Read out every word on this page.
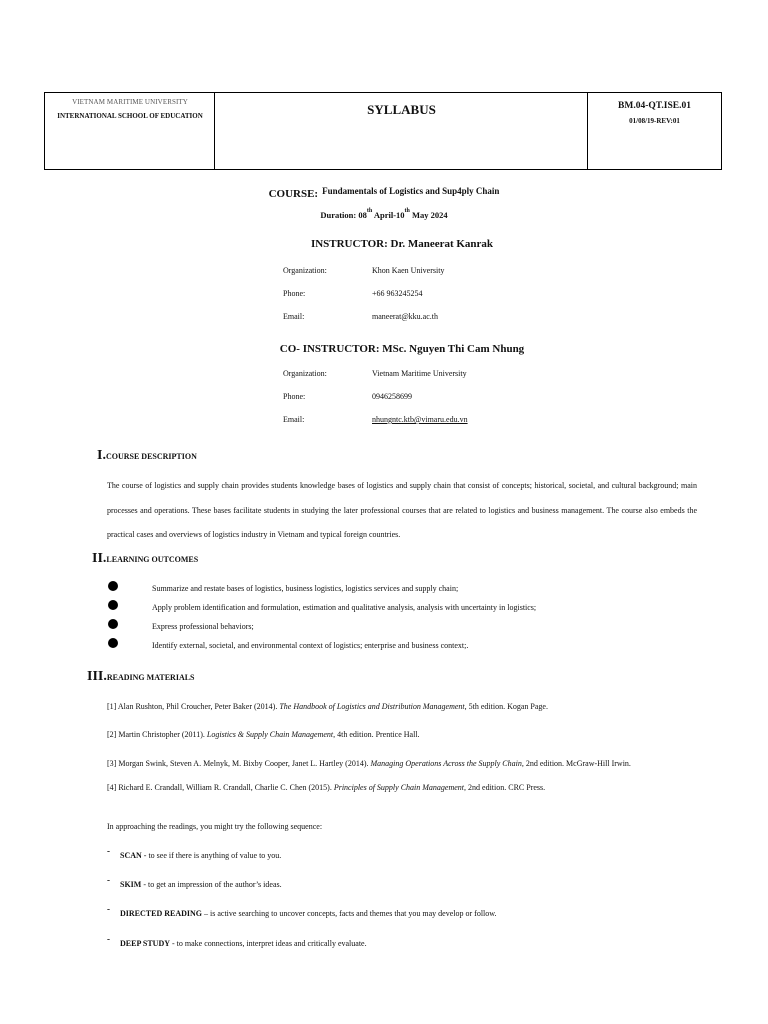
VIETNAM MARITIME UNIVERSITY
INTERNATIONAL SCHOOL OF EDUCATION	SYLLABUS	BM.04-QT.ISE.01
01/08/19-REV:01
COURSE: Fundamentals of Logistics and Sup4ply Chain
Duration: 08th April-10th May 2024
INSTRUCTOR: Dr. Maneerat Kanrak
Organization:	Khon Kaen University
Phone:	+66 963245254
Email:	maneerat@kku.ac.th
CO- INSTRUCTOR: MSc. Nguyen Thi Cam Nhung
Organization:	Vietnam Maritime University
Phone:	0946258699
Email:	nhungntc.ktb@vimaru.edu.vn
I.COURSE DESCRIPTION
The course of logistics and supply chain provides students knowledge bases of logistics and supply chain that consist of concepts; historical, societal, and cultural background; main
processes and operations. These bases facilitate students in studying the later professional courses that are related to logistics and business management. The course also embeds the
practical cases and overviews of logistics industry in Vietnam and typical foreign countries.
II.LEARNING OUTCOMES
Summarize and restate bases of logistics, business logistics, logistics services and supply chain;
Apply problem identification and formulation, estimation and qualitative analysis, analysis with uncertainty in logistics;
Express professional behaviors;
Identify external, societal, and environmental context of logistics; enterprise and business context;.
III.READING MATERIALS
[1] Alan Rushton, Phil Croucher, Peter Baker (2014). The Handbook of Logistics and Distribution Management, 5th edition. Kogan Page.
[2] Martin Christopher (2011). Logistics & Supply Chain Management, 4th edition. Prentice Hall.
[3] Morgan Swink, Steven A. Melnyk, M. Bixby Cooper, Janet L. Hartley (2014). Managing Operations Across the Supply Chain, 2nd edition. McGraw-Hill Irwin.
[4] Richard E. Crandall, William R. Crandall, Charlie C. Chen (2015). Principles of Supply Chain Management, 2nd edition. CRC Press.
In approaching the readings, you might try the following sequence:
- SCAN - to see if there is anything of value to you.
- SKIM - to get an impression of the author’s ideas.
- DIRECTED READING – is active searching to uncover concepts, facts and themes that you may develop or follow.
- DEEP STUDY - to make connections, interpret ideas and critically evaluate.
